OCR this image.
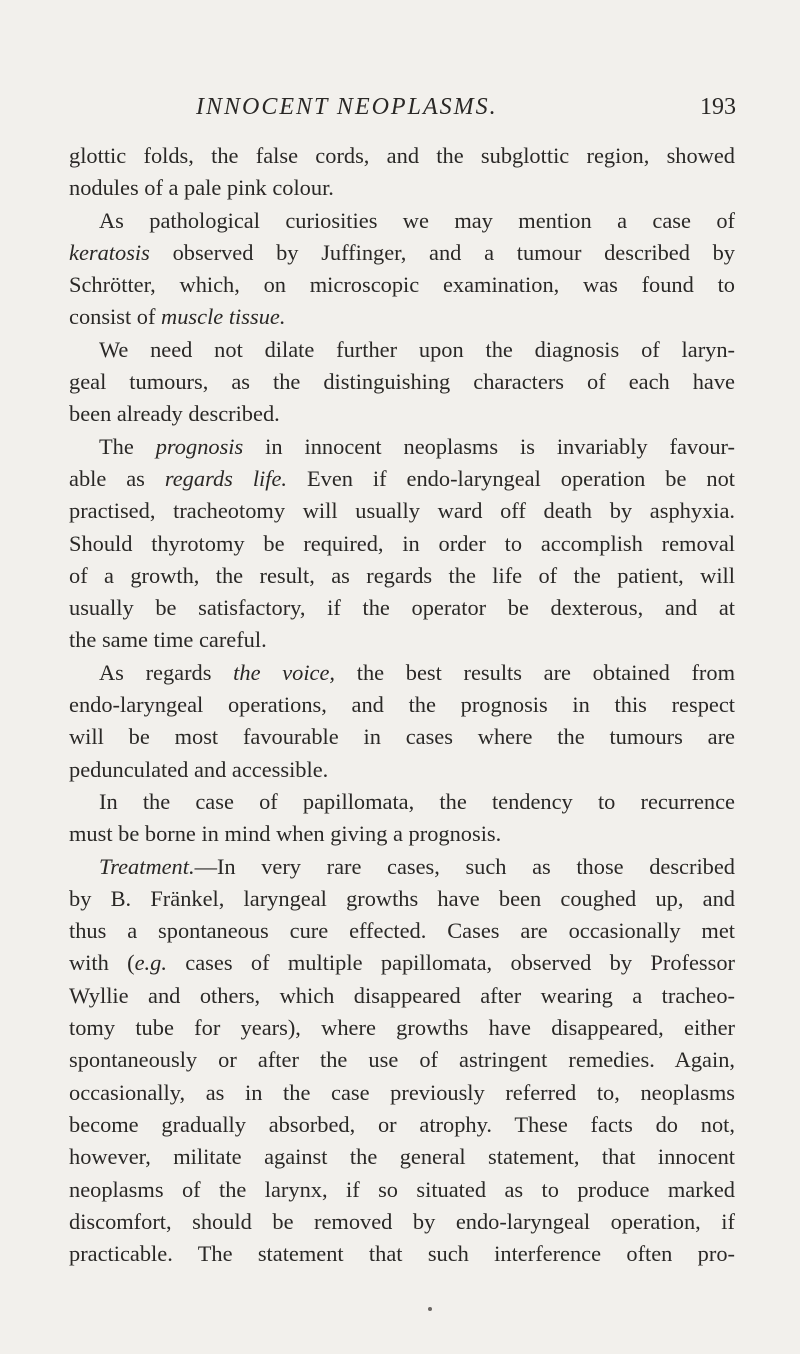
INNOCENT NEOPLASMS.	193
glottic folds, the false cords, and the subglottic region, showed
nodules of a pale pink colour.
As pathological curiosities we may mention a case of
keratosis observed by Juffinger, and a tumour described by
Schrötter, which, on microscopic examination, was found to
consist of muscle tissue.
We need not dilate further upon the diagnosis of laryn-
geal tumours, as the distinguishing characters of each have
been already described.
The prognosis in innocent neoplasms is invariably favour-
able as regards life. Even if endo-laryngeal operation be not
practised, tracheotomy will usually ward off death by asphyxia.
Should thyrotomy be required, in order to accomplish removal
of a growth, the result, as regards the life of the patient, will
usually be satisfactory, if the operator be dexterous, and at
the same time careful.
As regards the voice, the best results are obtained from
endo-laryngeal operations, and the prognosis in this respect
will be most favourable in cases where the tumours are
pedunculated and accessible.
In the case of papillomata, the tendency to recurrence
must be borne in mind when giving a prognosis.
Treatment.—In very rare cases, such as those described
by B. Fränkel, laryngeal growths have been coughed up, and
thus a spontaneous cure effected. Cases are occasionally met
with (e.g. cases of multiple papillomata, observed by Professor
Wyllie and others, which disappeared after wearing a tracheo-
tomy tube for years), where growths have disappeared, either
spontaneously or after the use of astringent remedies. Again,
occasionally, as in the case previously referred to, neoplasms
become gradually absorbed, or atrophy. These facts do not,
however, militate against the general statement, that innocent
neoplasms of the larynx, if so situated as to produce marked
discomfort, should be removed by endo-laryngeal operation, if
practicable. The statement that such interference often pro-
